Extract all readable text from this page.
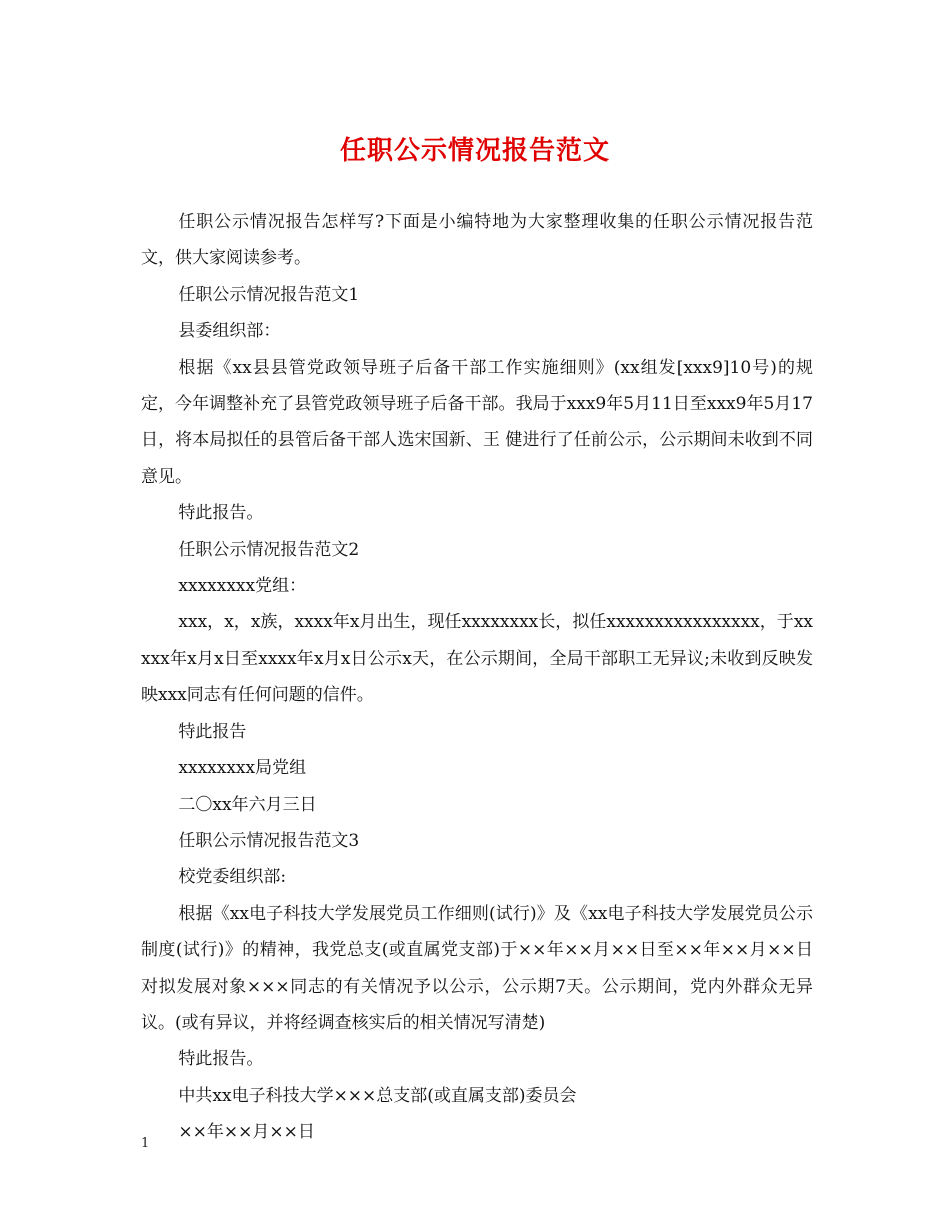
任职公示情况报告范文

任职公示情况报告怎样写?下面是小编特地为大家整理收集的任职公示情况报告范文，供大家阅读参考。

任职公示情况报告范文1

县委组织部：

根据《xx县县管党政领导班子后备干部工作实施细则》(xx组发[xxx9]10号)的规定，今年调整补充了县管党政领导班子后备干部。我局于xxx9年5月11日至xxx9年5月17日，将本局拟任的县管后备干部人选宋国新、王 健进行了任前公示，公示期间未收到不同意见。

特此报告。

任职公示情况报告范文2

xxxxxxxx党组：

xxx，x，x族，xxxx年x月出生，现任xxxxxxxx长，拟任xxxxxxxxxxxxxxxx，于xxxxx年x月x日至xxxx年x月x日公示x天，在公示期间，全局干部职工无异议;未收到反映发映xxx同志有任何问题的信件。

特此报告

xxxxxxxx局党组

二〇xx年六月三日

任职公示情况报告范文3

校党委组织部:

根据《xx电子科技大学发展党员工作细则(试行)》及《xx电子科技大学发展党员公示制度(试行)》的精神，我党总支(或直属党支部)于××年××月××日至××年××月××日对拟发展对象×××同志的有关情况予以公示，公示期7天。公示期间，党内外群众无异议。(或有异议，并将经调查核实后的相关情况写清楚)

特此报告。

中共xx电子科技大学×××总支部(或直属支部)委员会

××年××月××日

1
